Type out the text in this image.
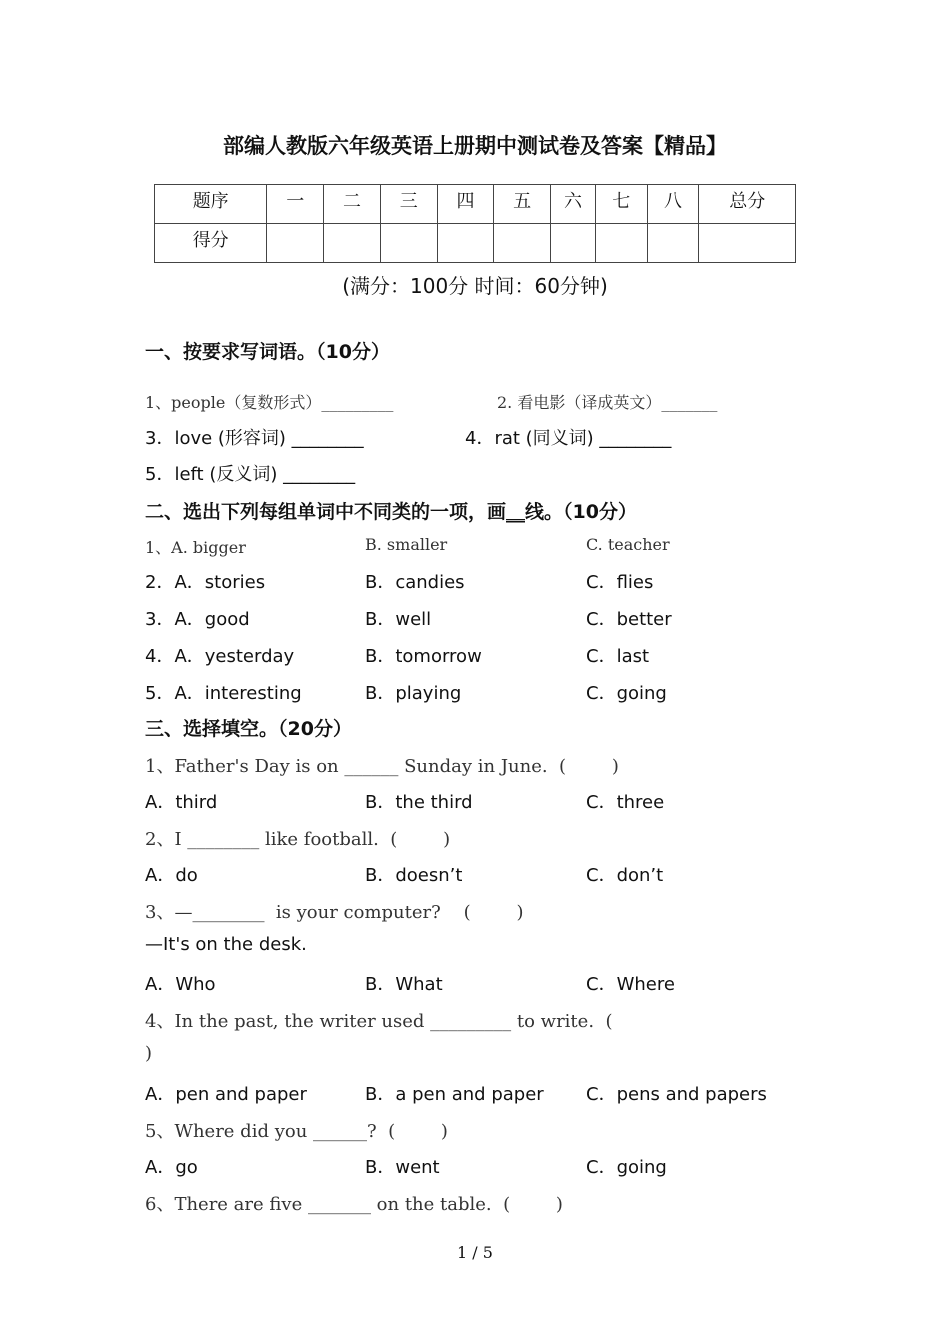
部编人教版六年级英语上册期中测试卷及答案【精品】
题序	一	二	三	四	五	六	七	八	总分
得分									
(满分：100分 时间：60分钟)
一、按要求写词语。（10分）
1、people（复数形式）_________	2. 看电影（译成英文）_______
3．love (形容词) ________	4．rat (同义词) ________
5．left (反义词) ________
二、选出下列每组单词中不同类的一项，画__线。（10分）
1、A. bigger	B. smaller	C. teacher
2．A．stories	B．candies	C．flies
3．A．good	B．well	C．better
4．A．yesterday	B．tomorrow	C．last
5．A．interesting	B．playing	C．going
三、选择填空。（20分）
1、Father's Day is on ______ Sunday in June.  (        )
A．third	B．the third	C．three
2、I ________ like football.  (        )
A．do	B．doesn’t	C．don’t
3、—________  is your computer?    (        )
—It's on the desk.
A．Who	B．What	C．Where
4、In the past, the writer used _________ to write.  (
)
A．pen and paper	B．a pen and paper C．pens and papers
5、Where did you ______?  (        )
A．go	B．went	C．going
6、There are five _______ on the table.  (        )
1 / 5
